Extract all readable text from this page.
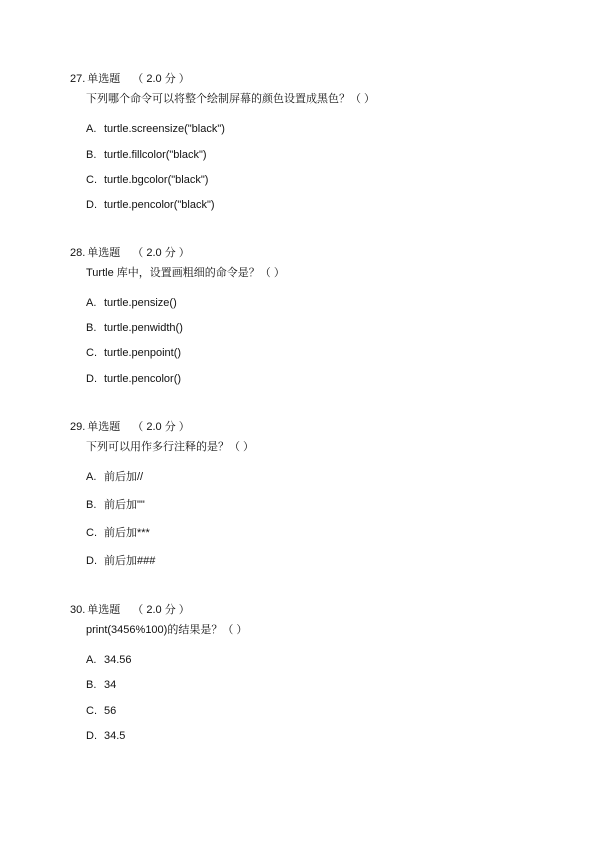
27. 单选题 （ 2.0 分 ）
下列哪个命令可以将整个绘制屏幕的颜色设置成黑色？（ ）
A. turtle.screensize("black")
B. turtle.fillcolor("black")
C. turtle.bgcolor("black")
D. turtle.pencolor("black")
28. 单选题 （ 2.0 分 ）
Turtle 库中，设置画粗细的命令是？（ ）
A. turtle.pensize()
B. turtle.penwidth()
C. turtle.penpoint()
D. turtle.pencolor()
29. 单选题 （ 2.0 分 ）
下列可以用作多行注释的是？（ ）
A. 前后加//
B. 前后加""
C. 前后加***
D. 前后加###
30. 单选题 （ 2.0 分 ）
print(3456%100)的结果是？（ ）
A. 34.56
B. 34
C. 56
D. 34.5
